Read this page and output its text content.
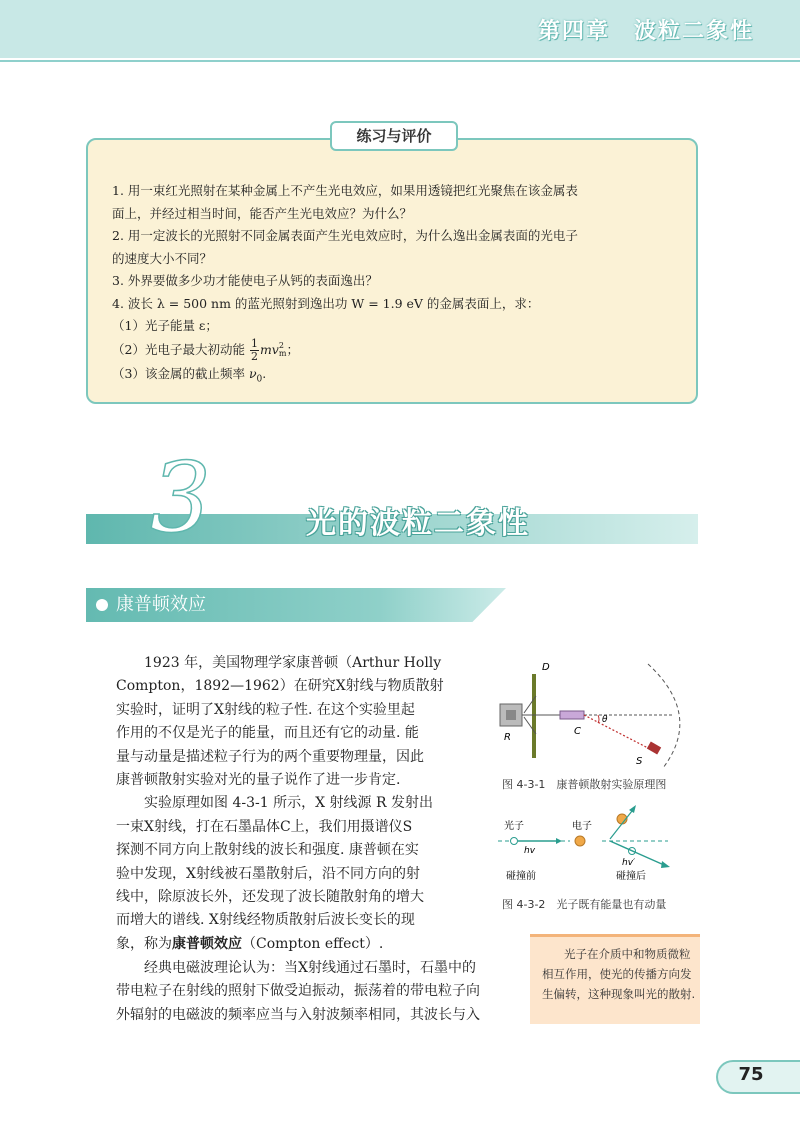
第四章　波粒二象性
练习与评价
1. 用一束红光照射在某种金属上不产生光电效应，如果用透镜把红光聚焦在该金属表
面上，并经过相当时间，能否产生光电效应？为什么？
2. 用一定波长的光照射不同金属表面产生光电效应时，为什么逸出金属表面的光电子
的速度大小不同？
3. 外界要做多少功才能使电子从钙的表面逸出？
4. 波长 λ = 500 nm 的蓝光照射到逸出功 W = 1.9 eV 的金属表面上，求：
（1）光子能量 ε；
（2）光电子最大初动能 $\frac{1}{2}$ mv 2
m ；
（3）该金属的截止频率 $\nu_0$.
3	光的波粒二象性
康普顿效应
1923 年，美国物理学家康普顿（Arthur Holly
Compton，1892—1962）在研究X射线与物质散射
实验时，证明了X射线的粒子性. 在这个实验里起
作用的不仅是光子的能量，而且还有它的动量. 能
量与动量是描述粒子行为的两个重要物理量，因此
康普顿散射实验对光的量子说作了进一步肯定.
实验原理如图 4-3-1 所示，X 射线源 R 发射出
一束X射线，打在石墨晶体C上，我们用摄谱仪S
探测不同方向上散射线的波长和强度. 康普顿在实
验中发现，X射线被石墨散射后，沿不同方向的射
线中，除原波长外，还发现了波长随散射角的增大
而增大的谱线. X射线经物质散射后波长变长的现
象，称为康普顿效应（Compton effect）.
经典电磁波理论认为：当X射线通过石墨时，石墨中的
带电粒子在射线的照射下做受迫振动，振荡着的带电粒子向
外辐射的电磁波的频率应当与入射波频率相同，其波长与入
D
R
C
θ
S
图 4-3-1　康普顿散射实验原理图
光子	电子
hv
hv′
碰撞前	碰撞后
图 4-3-2　光子既有能量也有动量
光子在介质中和物质微粒
相互作用，使光的传播方向发
生偏转，这种现象叫光的散射.
75
